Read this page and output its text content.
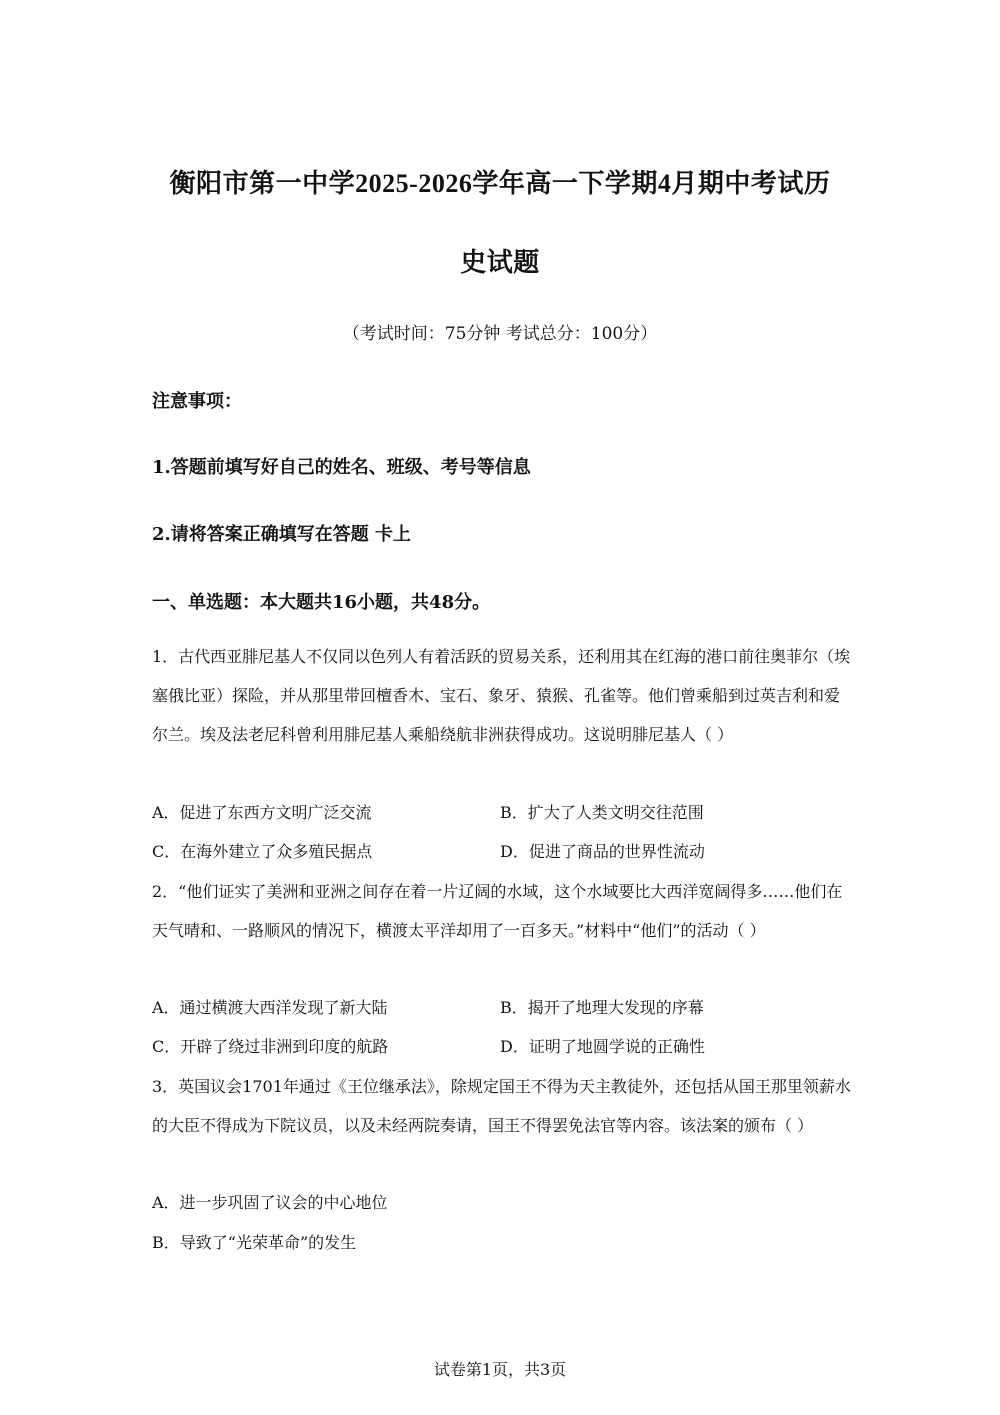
衡阳市第一中学2025-2026学年高一下学期4月期中考试历
史试题
（考试时间：75分钟 考试总分：100分）
注意事项：
1.答题前填写好自己的姓名、班级、考号等信息
2.请将答案正确填写在答题 卡上
一、单选题：本大题共16小题，共48分。
1．古代西亚腓尼基人不仅同以色列人有着活跃的贸易关系，还利用其在红海的港口前往奥菲尔（埃塞俄比亚）探险，并从那里带回檀香木、宝石、象牙、猿猴、孔雀等。他们曾乘船到过英吉利和爱尔兰。埃及法老尼科曾利用腓尼基人乘船绕航非洲获得成功。这说明腓尼基人（ ）
A．促进了东西方文明广泛交流	B．扩大了人类文明交往范围
C．在海外建立了众多殖民据点	D．促进了商品的世界性流动
2．“他们证实了美洲和亚洲之间存在着一片辽阔的水域，这个水域要比大西洋宽阔得多……他们在天气晴和、一路顺风的情况下，横渡太平洋却用了一百多天。”材料中“他们”的活动（ ）
A．通过横渡大西洋发现了新大陆	B．揭开了地理大发现的序幕
C．开辟了绕过非洲到印度的航路	D．证明了地圆学说的正确性
3．英国议会1701年通过《王位继承法》，除规定国王不得为天主教徒外，还包括从国王那里领薪水的大臣不得成为下院议员，以及未经两院奏请，国王不得罢免法官等内容。该法案的颁布（ ）
A．进一步巩固了议会的中心地位
B．导致了“光荣革命”的发生
试卷第1页，共3页
